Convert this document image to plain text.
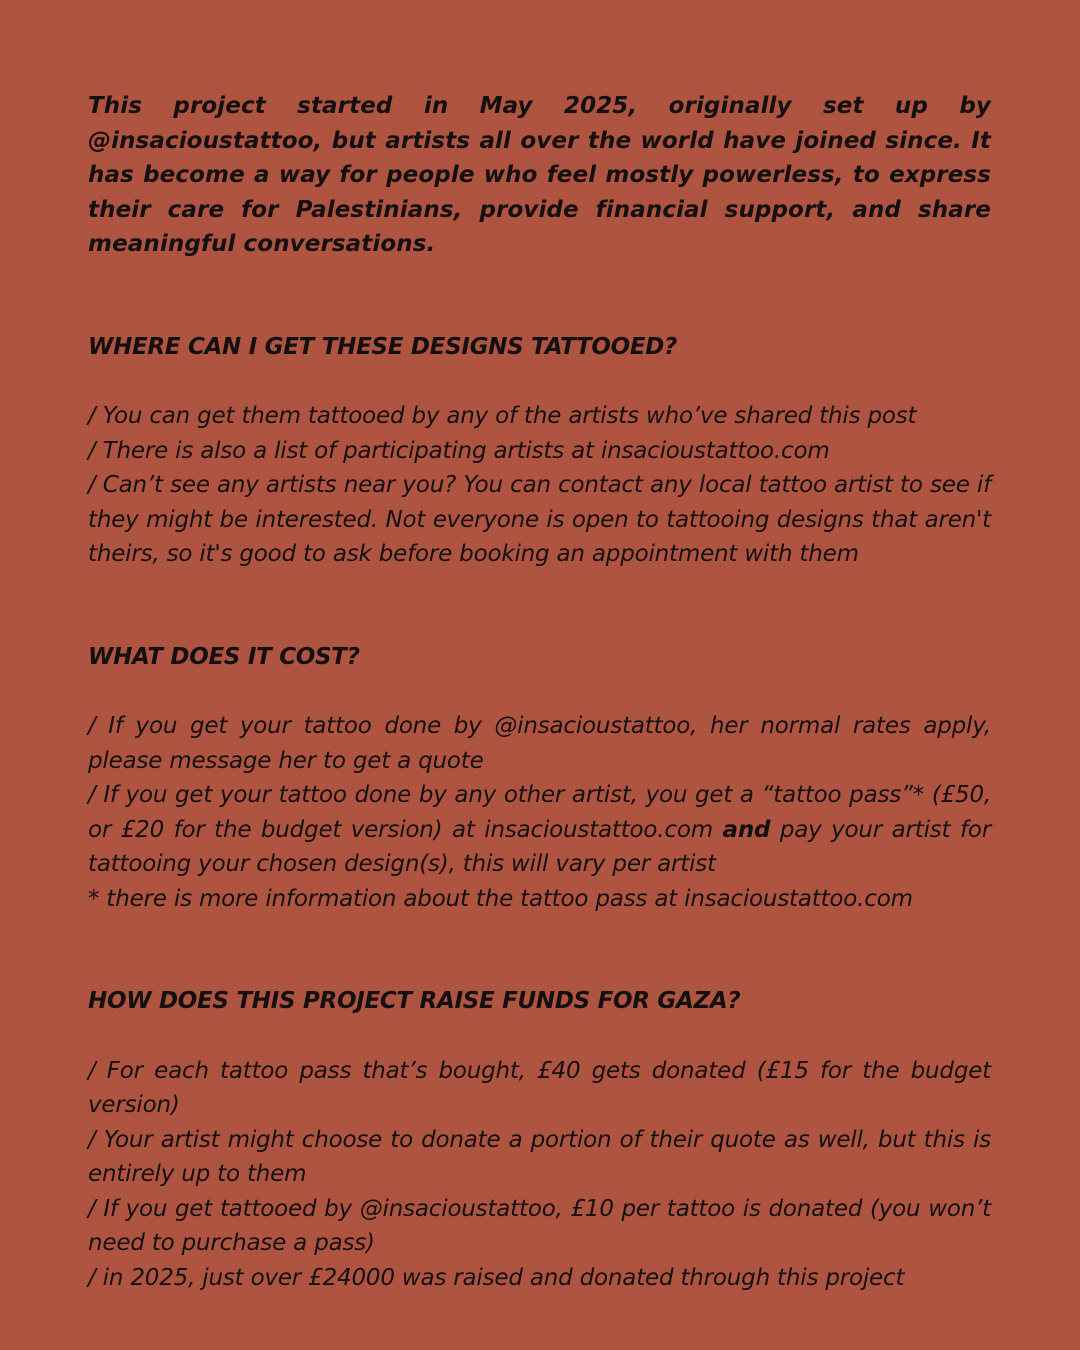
This project started in May 2025, originally set up by @insacioustattoo, but artists all over the world have joined since. It has become a way for people who feel mostly powerless, to express their care for Palestinians, provide financial support, and share meaningful conversations.

WHERE CAN I GET THESE DESIGNS TATTOOED?

/ You can get them tattooed by any of the artists who’ve shared this post

/ There is also a list of participating artists at insacioustattoo.com

/ Can’t see any artists near you? You can contact any local tattoo artist to see if they might be interested. Not everyone is open to tattooing designs that aren't theirs, so it's good to ask before booking an appointment with them

WHAT DOES IT COST?

/ If you get your tattoo done by @insacioustattoo, her normal rates apply, please message her to get a quote

/ If you get your tattoo done by any other artist, you get a “tattoo pass”* (£50, or £20 for the budget version) at insacioustattoo.com and pay your artist for tattooing your chosen design(s), this will vary per artist

* there is more information about the tattoo pass at insacioustattoo.com

HOW DOES THIS PROJECT RAISE FUNDS FOR GAZA?

/ For each tattoo pass that’s bought, £40 gets donated (£15 for the budget version)

/ Your artist might choose to donate a portion of their quote as well, but this is entirely up to them

/ If you get tattooed by @insacioustattoo, £10 per tattoo is donated (you won’t need to purchase a pass)

/ in 2025, just over £24000 was raised and donated through this project
